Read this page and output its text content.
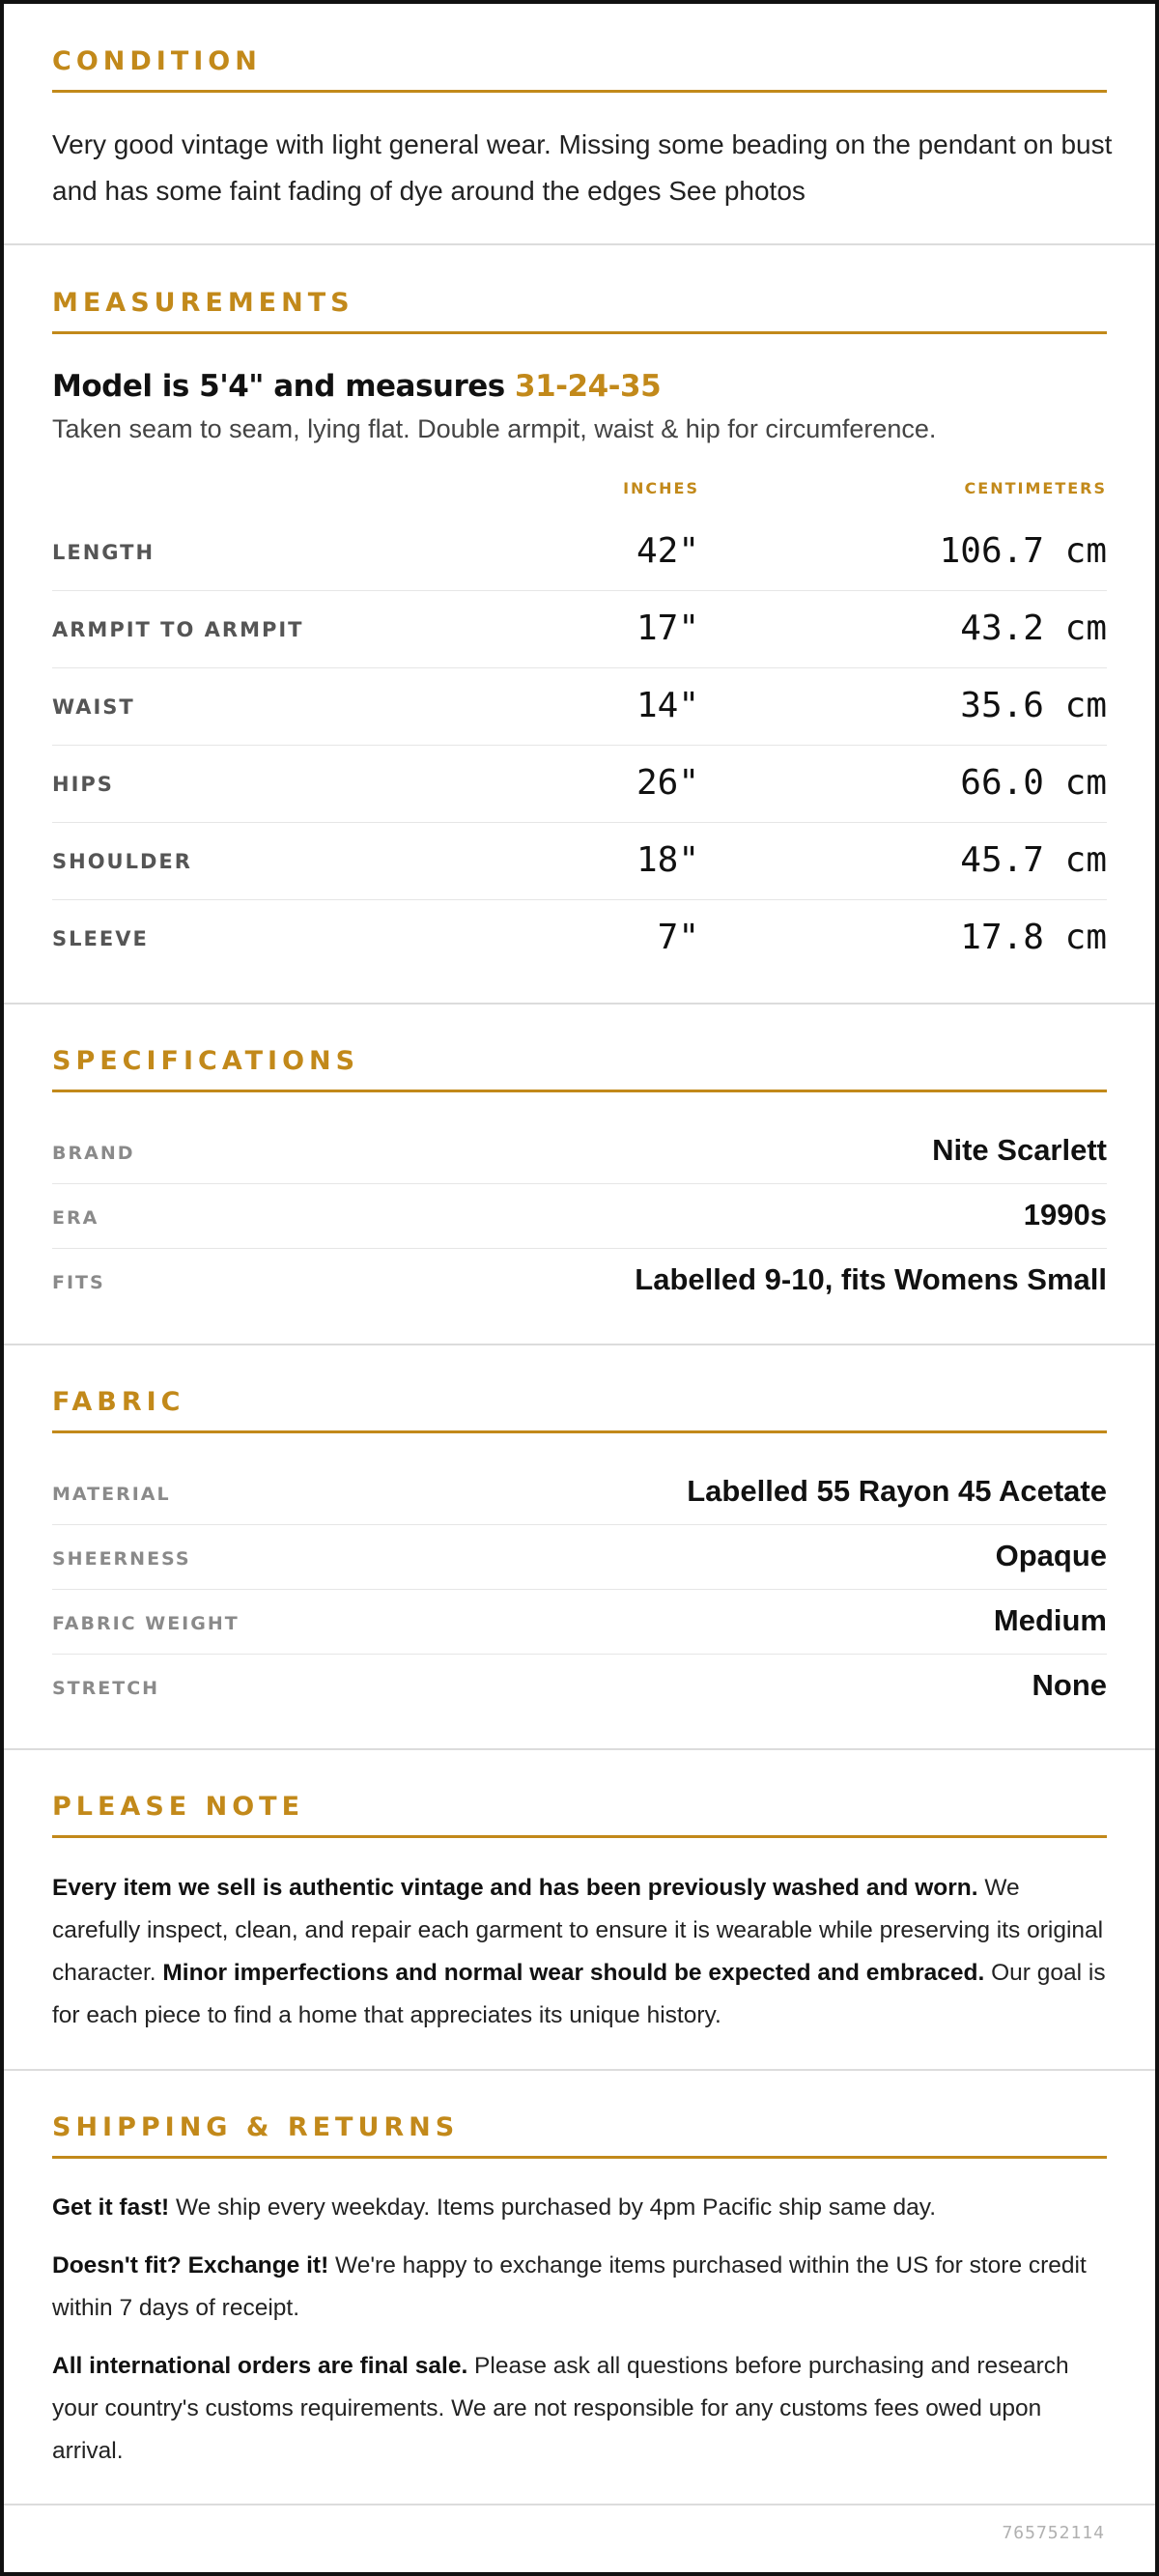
CONDITION
Very good vintage with light general wear. Missing some beading on the pendant on bust and has some faint fading of dye around the edges See photos
MEASUREMENTS
Model is 5'4" and measures 31-24-35
Taken seam to seam, lying flat. Double armpit, waist & hip for circumference.
INCHES	CENTIMETERS
LENGTH	42"	106.7 cm
ARMPIT TO ARMPIT	17"	43.2 cm
WAIST	14"	35.6 cm
HIPS	26"	66.0 cm
SHOULDER	18"	45.7 cm
SLEEVE	7"	17.8 cm
SPECIFICATIONS
BRAND	Nite Scarlett
ERA	1990s
FITS	Labelled 9-10, fits Womens Small
FABRIC
MATERIAL	Labelled 55 Rayon 45 Acetate
SHEERNESS	Opaque
FABRIC WEIGHT	Medium
STRETCH	None
PLEASE NOTE
Every item we sell is authentic vintage and has been previously washed and worn. We carefully inspect, clean, and repair each garment to ensure it is wearable while preserving its original character. Minor imperfections and normal wear should be expected and embraced. Our goal is for each piece to find a home that appreciates its unique history.
SHIPPING & RETURNS
Get it fast! We ship every weekday. Items purchased by 4pm Pacific ship same day.
Doesn't fit? Exchange it! We're happy to exchange items purchased within the US for store credit within 7 days of receipt.
All international orders are final sale. Please ask all questions before purchasing and research your country's customs requirements. We are not responsible for any customs fees owed upon arrival.
765752114
